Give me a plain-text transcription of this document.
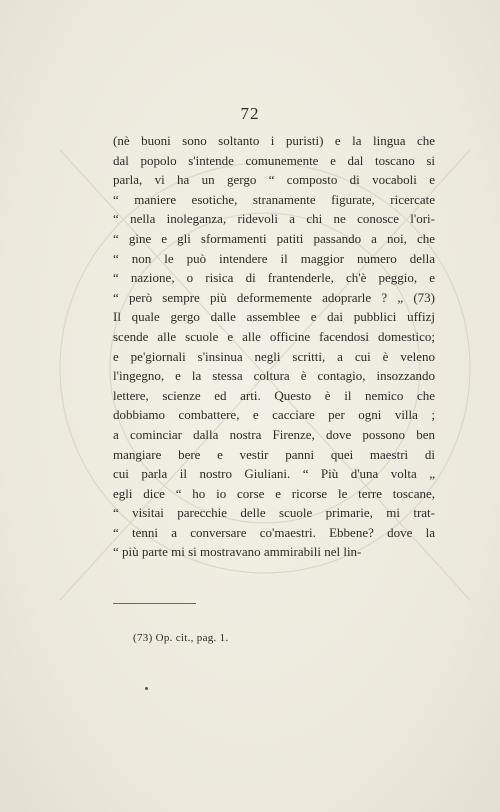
72
(nè buoni sono soltanto i puristi) e la lingua che
dal popolo s'intende comunemente e dal toscano si
parla, vi ha un gergo “ composto di vocaboli e
“ maniere esotiche, stranamente figurate, ricercate
“ nella inoleganza, ridevoli a chi ne conosce l'ori-
“ gine e gli sformamenti patiti passando a noi, che
“ non le può intendere il maggior numero della
“ nazione, o risica di frantenderle, ch'è peggio, e
“ però sempre più deformemente adoprarle ? „ (73)
Il quale gergo dalle assemblee e dai pubblici uffizj
scende alle scuole e alle officine facendosi domestico;
e pe'giornali s'insinua negli scritti, a cui è veleno
l'ingegno, e la stessa coltura è contagio, insozzando
lettere, scienze ed arti. Questo è il nemico che
dobbiamo combattere, e cacciare per ogni villa ;
a cominciar dalla nostra Firenze, dove possono ben
mangiare bere e vestir panni quei maestri di
cui parla il nostro Giuliani. “ Più d'una volta „
egli dice “ ho io corse e ricorse le terre toscane,
“ visitai parecchie delle scuole primarie, mi trat-
“ tenni a conversare co'maestri. Ebbene? dove la
“ più parte mi si mostravano ammirabili nel lin-
(73) Op. cit., pag. 1.
